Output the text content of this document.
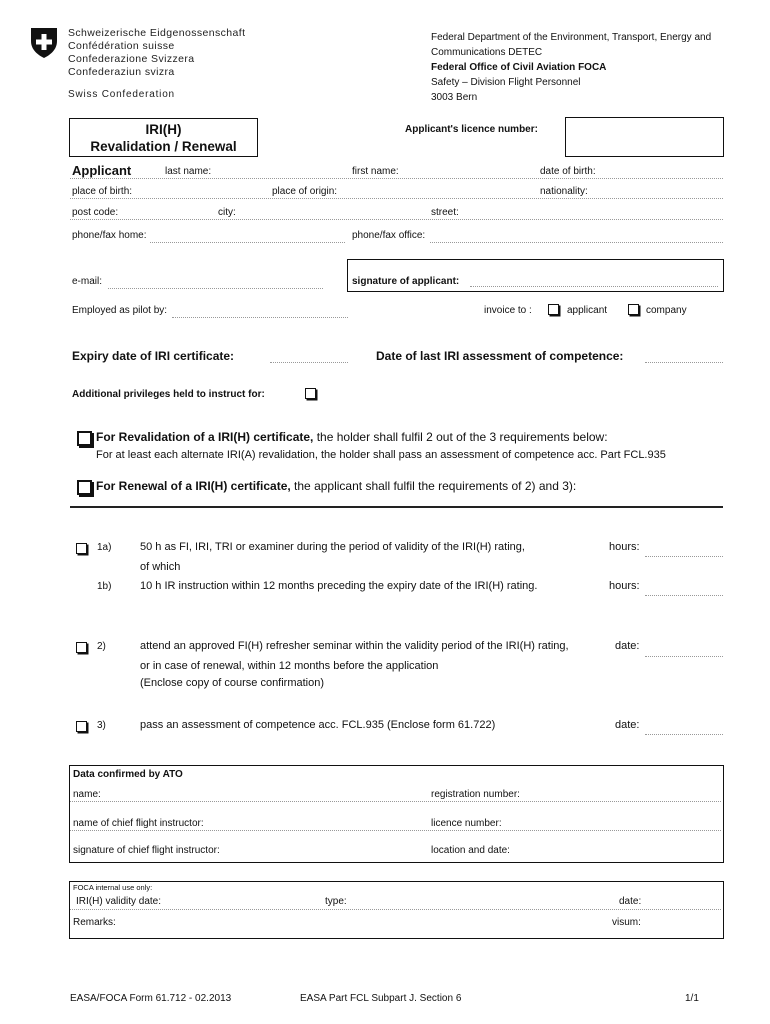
Schweizerische Eidgenossenschaft
Confédération suisse
Confederazione Svizzera
Confederaziun svizra
Swiss Confederation
Federal Department of the Environment, Transport, Energy and
Communications DETEC
Federal Office of Civil Aviation FOCA
Safety – Division Flight Personnel
3003 Bern
IRI(H)
Revalidation / Renewal
Applicant's licence number:
Applicant	last name:	first name:	date of birth:
place of birth:	place of origin:	nationality:
post code:	city:	street:
phone/fax home:	phone/fax office:
e-mail:	signature of applicant:
Employed as pilot by:	invoice to :	applicant	company
Expiry date of IRI certificate:	Date of last IRI assessment of competence:
Additional privileges held to instruct for:
For Revalidation of a IRI(H) certificate, the holder shall fulfil 2 out of the 3 requirements below:
For at least each alternate IRI(A) revalidation, the holder shall pass an assessment of competence acc. Part FCL.935
For Renewal of a IRI(H) certificate, the applicant shall fulfil the requirements of 2) and 3):
1a)	50 h as FI, IRI, TRI or examiner during the period of validity of the IRI(H) rating,	hours:
of which
1b)	10 h IR instruction within 12 months preceding the expiry date of the IRI(H) rating.	hours:
2)	attend an approved FI(H) refresher seminar within the validity period of the IRI(H) rating,	date:
or in case of renewal, within 12 months before the application
(Enclose copy of course confirmation)
3)	pass an assessment of competence acc. FCL.935 (Enclose form 61.722)	date:
Data confirmed by ATO
name:	registration number:
name of chief flight instructor:	licence number:
signature of chief flight instructor:	location and date:
FOCA internal use only:
IRI(H) validity date:	type:	date:
Remarks:	visum:
EASA/FOCA Form 61.712 - 02.2013	EASA Part FCL Subpart J. Section 6	1/1
